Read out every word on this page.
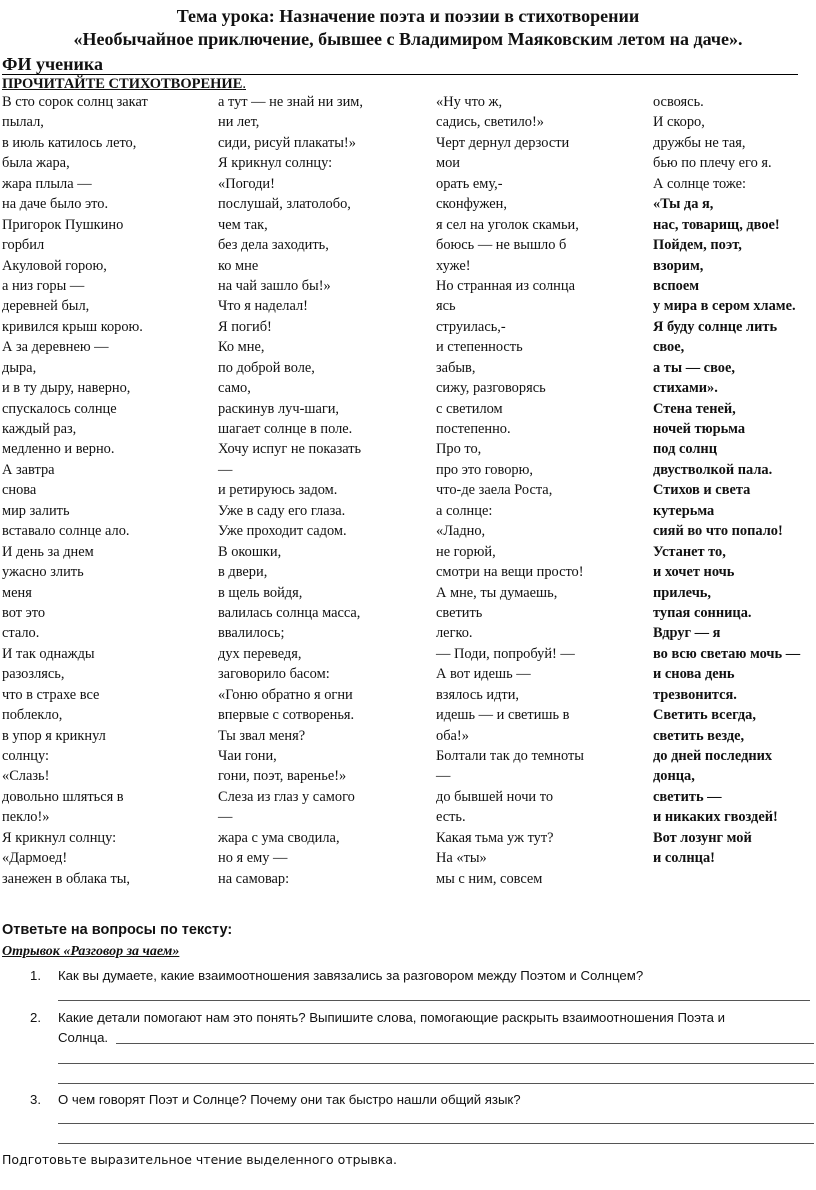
Тема урока: Назначение поэта и поэзии в стихотворении
«Необычайное приключение, бывшее с Владимиром Маяковским летом на даче».
ФИ ученика
ПРОЧИТАЙТЕ СТИХОТВОРЕНИЕ.
В сто сорок солнц закат
пылал,
в июль катилось лето,
была жара,
жара плыла —
на даче было это.
Пригорок Пушкино
горбил
Акуловой горою,
а низ горы —
деревней был,
кривился крыш корою.
А за деревнею —
дыра,
и в ту дыру, наверно,
спускалось солнце
каждый раз,
медленно и верно.
А завтра
снова
мир залить
вставало солнце ало.
И день за днем
ужасно злить
меня
вот это
стало.
И так однажды
разозлясь,
что в страхе все
поблекло,
в упор я крикнул
солнцу:
«Слазь!
довольно шляться в
пекло!»
Я крикнул солнцу:
«Дармоед!
занежен в облака ты,
а тут — не знай ни зим,
ни лет,
сиди, рисуй плакаты!»
Я крикнул солнцу:
«Погоди!
послушай, златолобо,
чем так,
без дела заходить,
ко мне
на чай зашло бы!»
Что я наделал!
Я погиб!
Ко мне,
по доброй воле,
само,
раскинув луч-шаги,
шагает солнце в поле.
Хочу испуг не показать
—
и ретируюсь задом.
Уже в саду его глаза.
Уже проходит садом.
В окошки,
в двери,
в щель войдя,
валилась солнца масса,
ввалилось;
дух переведя,
заговорило басом:
«Гоню обратно я огни
впервые с сотворенья.
Ты звал меня?
Чаи гони,
гони, поэт, варенье!»
Слеза из глаз у самого
—
жара с ума сводила,
но я ему —
на самовар:
«Ну что ж,
садись, светило!»
Черт дернул дерзости
мои
орать ему,-
сконфужен,
я сел на уголок скамьи,
боюсь — не вышло б
хуже!
Но странная из солнца
ясь
струилась,-
и степенность
забыв,
сижу, разговорясь
с светилом
постепенно.
Про то,
про это говорю,
что-де заела Роста,
а солнце:
«Ладно,
не горюй,
смотри на вещи просто!
А мне, ты думаешь,
светить
легко.
— Поди, попробуй! —
А вот идешь —
взялось идти,
идешь — и светишь в
оба!»
Болтали так до темноты
—
до бывшей ночи то
есть.
Какая тьма уж тут?
На «ты»
мы с ним, совсем
освоясь.
И скоро,
дружбы не тая,
бью по плечу его я.
А солнце тоже:
«Ты да я,
нас, товарищ, двое!
Пойдем, поэт,
взорим,
вспоем
у мира в сером хламе.
Я буду солнце лить
свое,
а ты — свое,
стихами».
Стена теней,
ночей тюрьма
под солнц
двустволкой пала.
Стихов и света
кутерьма
сияй во что попало!
Устанет то,
и хочет ночь
прилечь,
тупая сонница.
Вдруг — я
во всю светаю мочь —
и снова день
трезвонится.
Светить всегда,
светить везде,
до дней последних
донца,
светить —
и никаких гвоздей!
Вот лозунг мой
и солнца!
Ответьте на вопросы по тексту:
Отрывок «Разговор за чаем»
1. Как вы думаете, какие взаимоотношения завязались за разговором между Поэтом и Солнцем?
2. Какие детали помогают нам это понять? Выпишите слова, помогающие раскрыть взаимоотношения Поэта и
Солнца.
3. О чем говорят Поэт и Солнце? Почему они так быстро нашли общий язык?
Подготовьте выразительное чтение выделенного отрывка.
